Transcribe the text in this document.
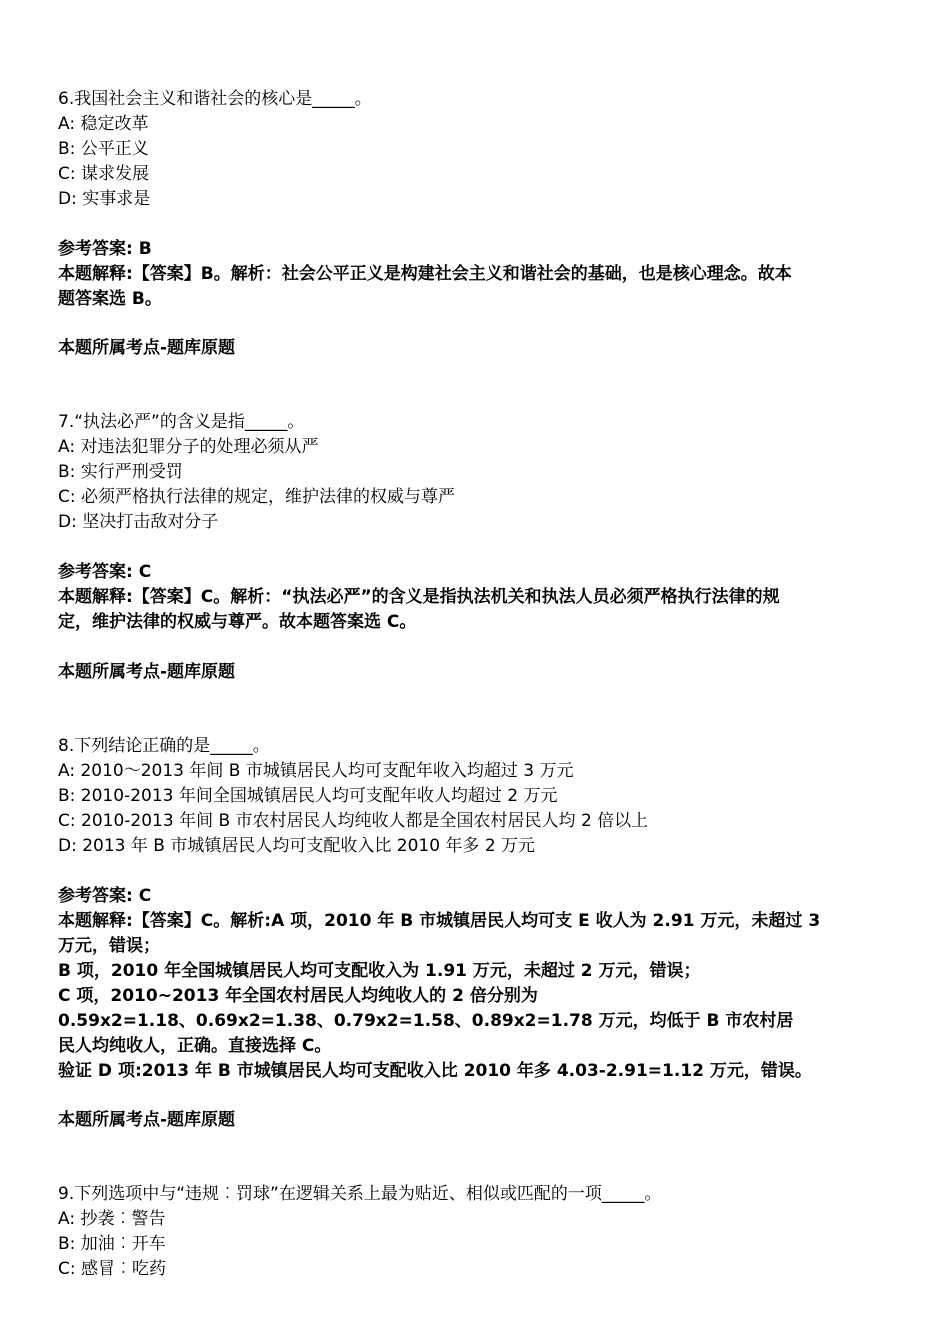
6.我国社会主义和谐社会的核心是_____。
A: 稳定改革
B: 公平正义
C: 谋求发展
D: 实事求是
参考答案: B
本题解释:【答案】B。解析：社会公平正义是构建社会主义和谐社会的基础，也是核心理念。故本
题答案选 B。
本题所属考点-题库原题
7.“执法必严”的含义是指_____。
A: 对违法犯罪分子的处理必须从严
B: 实行严刑受罚
C: 必须严格执行法律的规定，维护法律的权威与尊严
D: 坚决打击敌对分子
参考答案: C
本题解释:【答案】C。解析：“执法必严”的含义是指执法机关和执法人员必须严格执行法律的规
定，维护法律的权威与尊严。故本题答案选 C。
本题所属考点-题库原题
8.下列结论正确的是_____。
A: 2010～2013 年间 B 市城镇居民人均可支配年收入均超过 3 万元
B: 2010-2013 年间全国城镇居民人均可支配年收人均超过 2 万元
C: 2010-2013 年间 B 市农村居民人均纯收人都是全国农村居民人均 2 倍以上
D: 2013 年 B 市城镇居民人均可支配收入比 2010 年多 2 万元
参考答案: C
本题解释:【答案】C。解析:A 项，2010 年 B 市城镇居民人均可支 E 收人为 2.91 万元，未超过 3
万元，错误；
B 项，2010 年全国城镇居民人均可支配收入为 1.91 万元，未超过 2 万元，错误；
C 项，2010~2013 年全国农村居民人均纯收人的 2 倍分别为
0.59x2=1.18、0.69x2=1.38、0.79x2=1.58、0.89x2=1.78 万元，均低于 B 市农村居
民人均纯收人，正确。直接选择 C。
验证 D 项:2013 年 B 市城镇居民人均可支配收入比 2010 年多 4.03-2.91=1.12 万元，错误。
本题所属考点-题库原题
9.下列选项中与“违规︰罚球”在逻辑关系上最为贴近、相似或匹配的一项_____。
A: 抄袭︰警告
B: 加油︰开车
C: 感冒︰吃药
